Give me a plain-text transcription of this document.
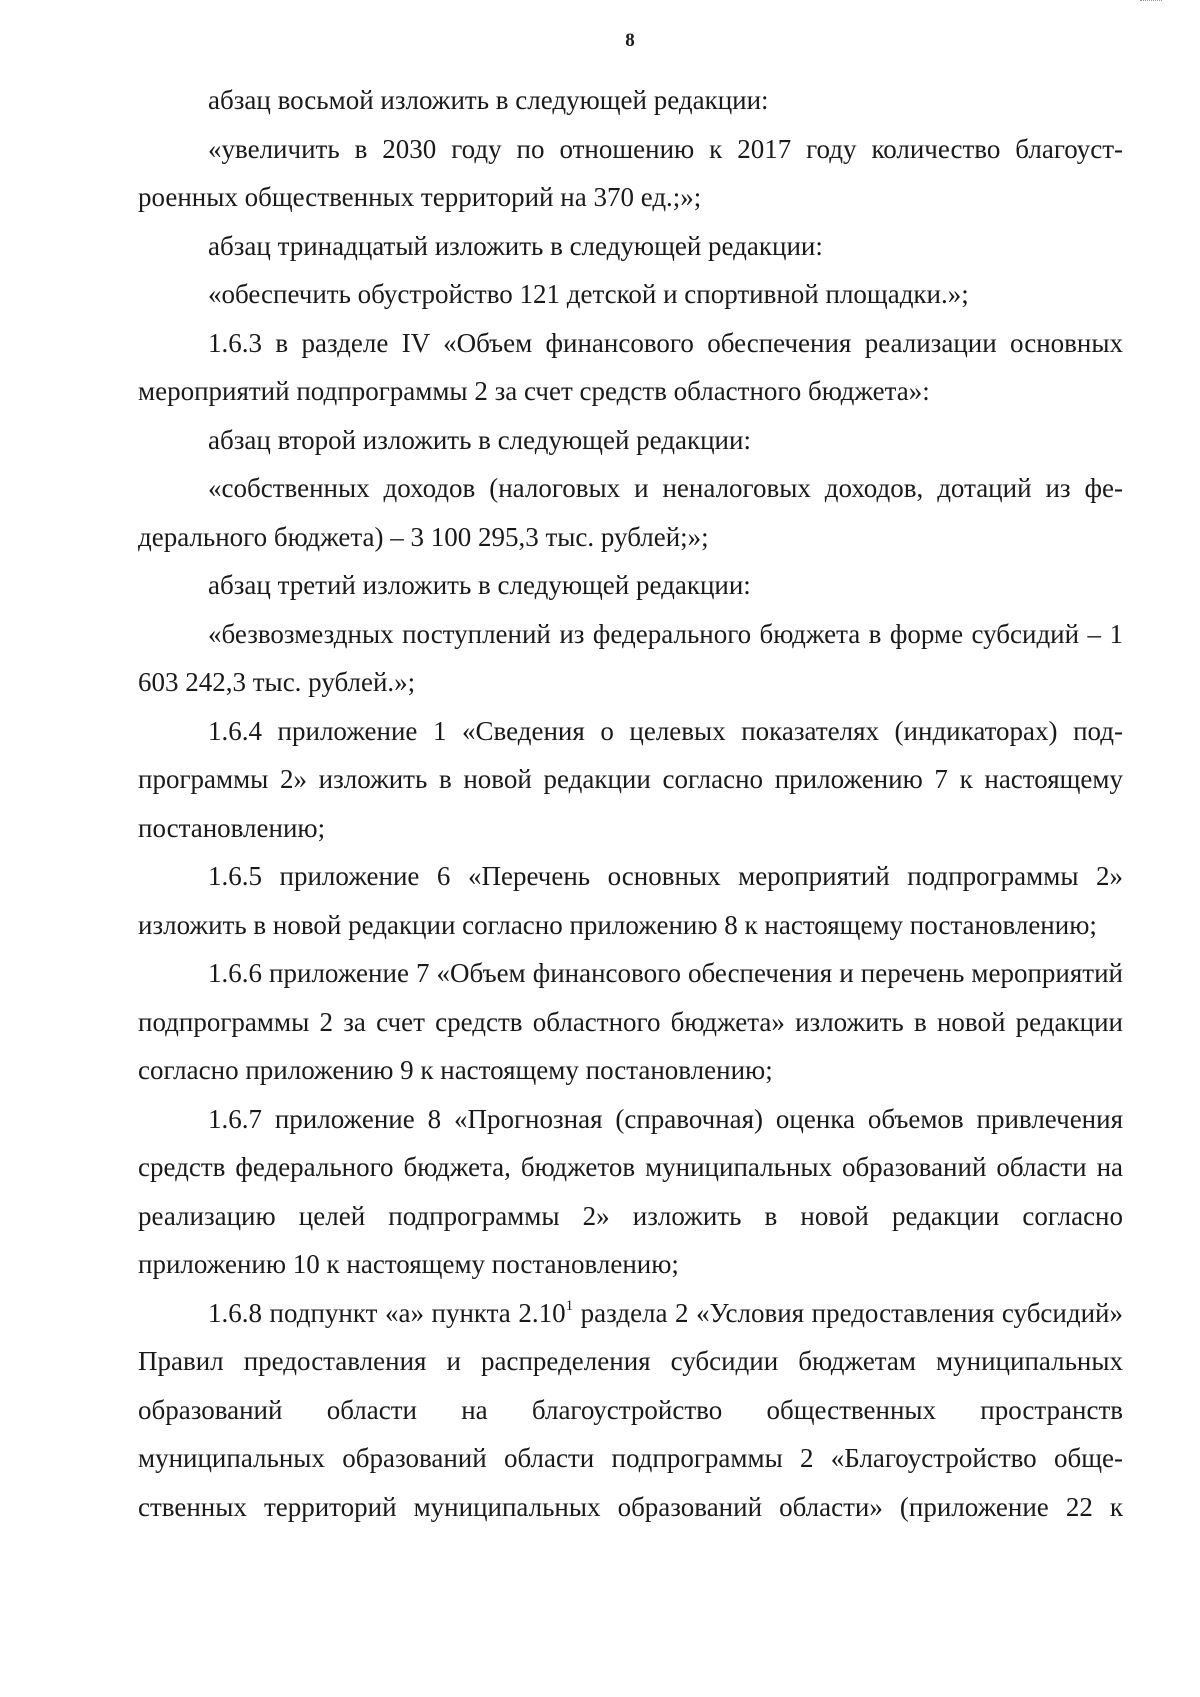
8

абзац восьмой изложить в следующей редакции:

«увеличить в 2030 году по отношению к 2017 году количество благоустроенных общественных территорий на 370 ед.;»;

абзац тринадцатый изложить в следующей редакции:

«обеспечить обустройство 121 детской и спортивной площадки.»;

1.6.3 в разделе IV «Объем финансового обеспечения реализации основных мероприятий подпрограммы 2 за счет средств областного бюджета»:

абзац второй изложить в следующей редакции:

«собственных доходов (налоговых и неналоговых доходов, дотаций из федерального бюджета) – 3 100 295,3 тыс. рублей;»;

абзац третий изложить в следующей редакции:

«безвозмездных поступлений из федерального бюджета в форме субсидий – 1 603 242,3 тыс. рублей.»;

1.6.4 приложение 1 «Сведения о целевых показателях (индикаторах) подпрограммы 2» изложить в новой редакции согласно приложению 7 к настоящему постановлению;

1.6.5 приложение 6 «Перечень основных мероприятий подпрограммы 2» изложить в новой редакции согласно приложению 8 к настоящему постановлению;

1.6.6 приложение 7 «Объем финансового обеспечения и перечень мероприятий подпрограммы 2 за счет средств областного бюджета» изложить в новой редакции согласно приложению 9 к настоящему постановлению;

1.6.7 приложение 8 «Прогнозная (справочная) оценка объемов привлечения средств федерального бюджета, бюджетов муниципальных образований области на реализацию целей подпрограммы 2» изложить в новой редакции согласно приложению 10 к настоящему постановлению;

1.6.8 подпункт «а» пункта 2.10$^1$ раздела 2 «Условия предоставления субсидий» Правил предоставления и распределения субсидии бюджетам муниципальных образований области на благоустройство общественных пространств муниципальных образований области подпрограммы 2 «Благоустройство общественных территорий муниципальных образований области» (приложение 22 к
